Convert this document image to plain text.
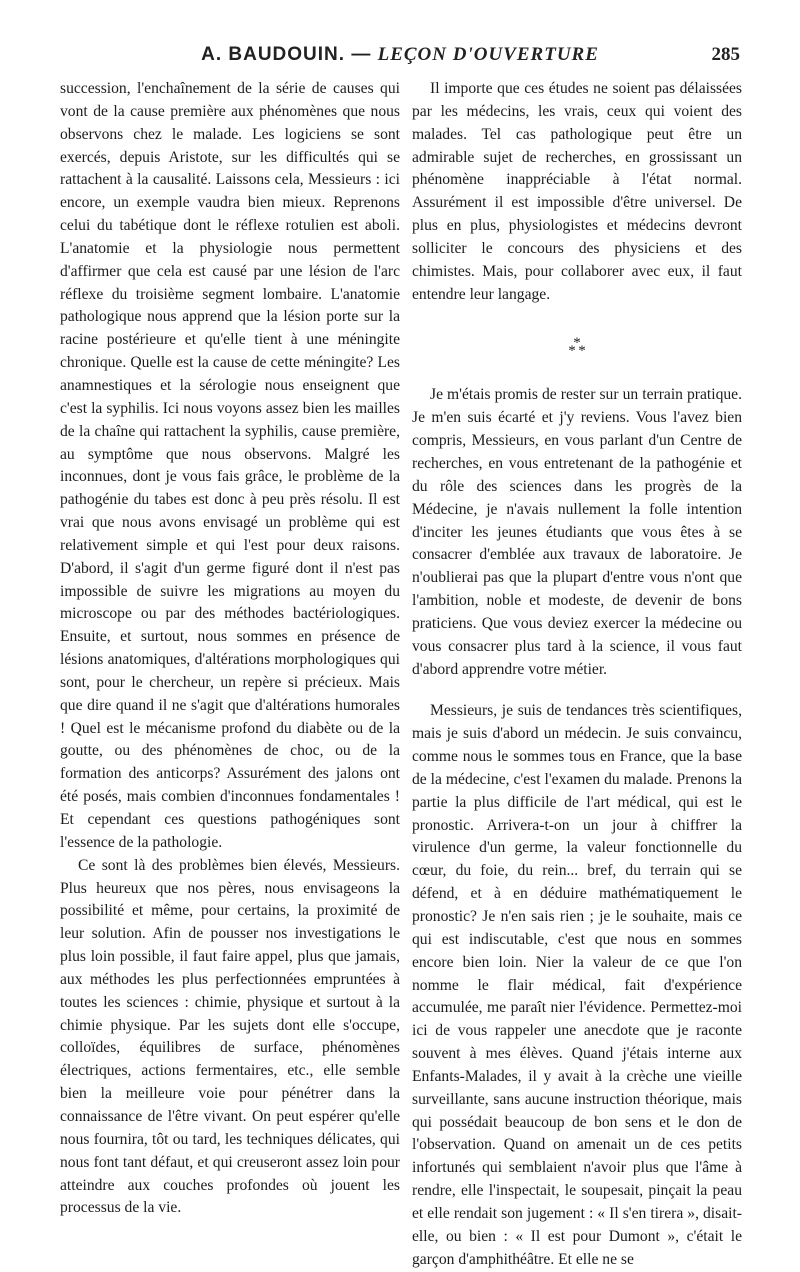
A. BAUDOUIN. — LEÇON D'OUVERTURE	285

succession, l'enchaînement de la série de causes qui vont de la cause première aux phénomènes que nous observons chez le malade. Les logiciens se sont exercés, depuis Aristote, sur les difficultés qui se rattachent à la causalité. Laissons cela, Messieurs : ici encore, un exemple vaudra bien mieux. Reprenons celui du tabétique dont le réflexe rotulien est aboli. L'anatomie et la physiologie nous permettent d'affirmer que cela est causé par une lésion de l'arc réflexe du troisième segment lombaire. L'anatomie pathologique nous apprend que la lésion porte sur la racine postérieure et qu'elle tient à une méningite chronique. Quelle est la cause de cette méningite? Les anamnestiques et la sérologie nous enseignent que c'est la syphilis. Ici nous voyons assez bien les mailles de la chaîne qui rattachent la syphilis, cause première, au symptôme que nous observons. Malgré les inconnues, dont je vous fais grâce, le problème de la pathogénie du tabes est donc à peu près résolu. Il est vrai que nous avons envisagé un problème qui est relativement simple et qui l'est pour deux raisons. D'abord, il s'agit d'un germe figuré dont il n'est pas impossible de suivre les migrations au moyen du microscope ou par des méthodes bactériologiques. Ensuite, et surtout, nous sommes en présence de lésions anatomiques, d'altérations morphologiques qui sont, pour le chercheur, un repère si précieux. Mais que dire quand il ne s'agit que d'altérations humorales ! Quel est le mécanisme profond du diabète ou de la goutte, ou des phénomènes de choc, ou de la formation des anticorps? Assurément des jalons ont été posés, mais combien d'inconnues fondamentales ! Et cependant ces questions pathogéniques sont l'essence de la pathologie.

Ce sont là des problèmes bien élevés, Messieurs. Plus heureux que nos pères, nous envisageons la possibilité et même, pour certains, la proximité de leur solution. Afin de pousser nos investigations le plus loin possible, il faut faire appel, plus que jamais, aux méthodes les plus perfectionnées empruntées à toutes les sciences : chimie, physique et surtout à la chimie physique. Par les sujets dont elle s'occupe, colloïdes, équilibres de surface, phénomènes électriques, actions fermentaires, etc., elle semble bien la meilleure voie pour pénétrer dans la connaissance de l'être vivant. On peut espérer qu'elle nous fournira, tôt ou tard, les techniques délicates, qui nous font tant défaut, et qui creuseront assez loin pour atteindre aux couches profondes où jouent les processus de la vie.

Il importe que ces études ne soient pas délaissées par les médecins, les vrais, ceux qui voient des malades. Tel cas pathologique peut être un admirable sujet de recherches, en grossissant un phénomène inappréciable à l'état normal. Assurément il est impossible d'être universel. De plus en plus, physiologistes et médecins devront solliciter le concours des physiciens et des chimistes. Mais, pour collaborer avec eux, il faut entendre leur langage.

*
* *

Je m'étais promis de rester sur un terrain pratique. Je m'en suis écarté et j'y reviens. Vous l'avez bien compris, Messieurs, en vous parlant d'un Centre de recherches, en vous entretenant de la pathogénie et du rôle des sciences dans les progrès de la Médecine, je n'avais nullement la folle intention d'inciter les jeunes étudiants que vous êtes à se consacrer d'emblée aux travaux de laboratoire. Je n'oublierai pas que la plupart d'entre vous n'ont que l'ambition, noble et modeste, de devenir de bons praticiens. Que vous deviez exercer la médecine ou vous consacrer plus tard à la science, il vous faut d'abord apprendre votre métier.

Messieurs, je suis de tendances très scientifiques, mais je suis d'abord un médecin. Je suis convaincu, comme nous le sommes tous en France, que la base de la médecine, c'est l'examen du malade. Prenons la partie la plus difficile de l'art médical, qui est le pronostic. Arrivera-t-on un jour à chiffrer la virulence d'un germe, la valeur fonctionnelle du cœur, du foie, du rein... bref, du terrain qui se défend, et à en déduire mathématiquement le pronostic? Je n'en sais rien ; je le souhaite, mais ce qui est indiscutable, c'est que nous en sommes encore bien loin. Nier la valeur de ce que l'on nomme le flair médical, fait d'expérience accumulée, me paraît nier l'évidence. Permettez-moi ici de vous rappeler une anecdote que je raconte souvent à mes élèves. Quand j'étais interne aux Enfants-Malades, il y avait à la crèche une vieille surveillante, sans aucune instruction théorique, mais qui possédait beaucoup de bon sens et le don de l'observation. Quand on amenait un de ces petits infortunés qui semblaient n'avoir plus que l'âme à rendre, elle l'inspectait, le soupesait, pinçait la peau et elle rendait son jugement : « Il s'en tirera », disait-elle, ou bien : « Il est pour Dumont », c'était le garçon d'amphithéâtre. Et elle ne se
